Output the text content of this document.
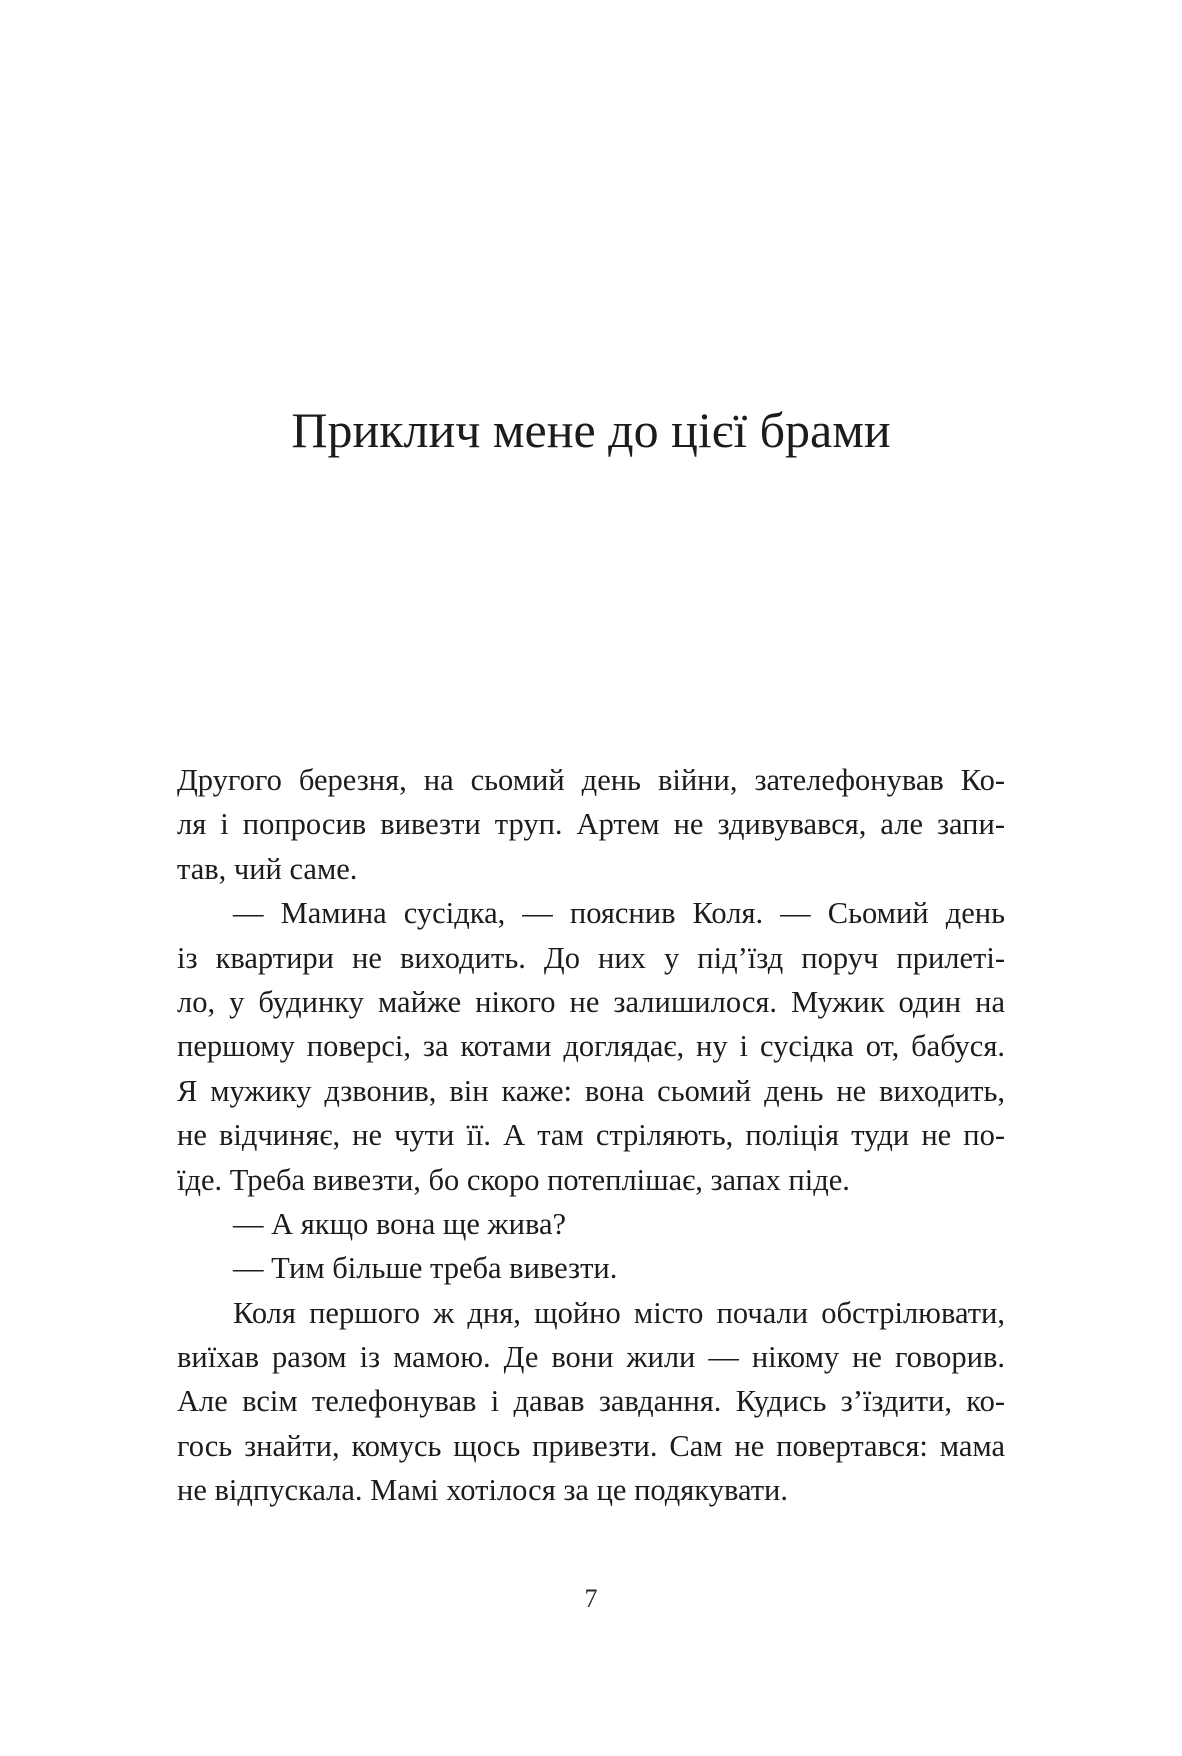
Приклич мене до цієї брами
Другого березня, на сьомий день війни, зателефонував Ко-
ля і попросив вивезти труп. Артем не здивувався, але запи-
тав, чий саме.
— Мамина сусідка, — пояснив Коля. — Сьомий день
із квартири не виходить. До них у під’їзд поруч прилеті-
ло, у будинку майже нікого не залишилося. Мужик один на
першому поверсі, за котами доглядає, ну і сусідка от, бабуся.
Я мужику дзвонив, він каже: вона сьомий день не виходить,
не відчиняє, не чути її. А там стріляють, поліція туди не по-
їде. Треба вивезти, бо скоро потеплішає, запах піде.
— А якщо вона ще жива?
— Тим більше треба вивезти.
Коля першого ж дня, щойно місто почали обстрілювати,
виїхав разом із мамою. Де вони жили — нікому не говорив.
Але всім телефонував і давав завдання. Кудись з’їздити, ко-
гось знайти, комусь щось привезти. Сам не повертався: мама
не відпускала. Мамі хотілося за це подякувати.
7
